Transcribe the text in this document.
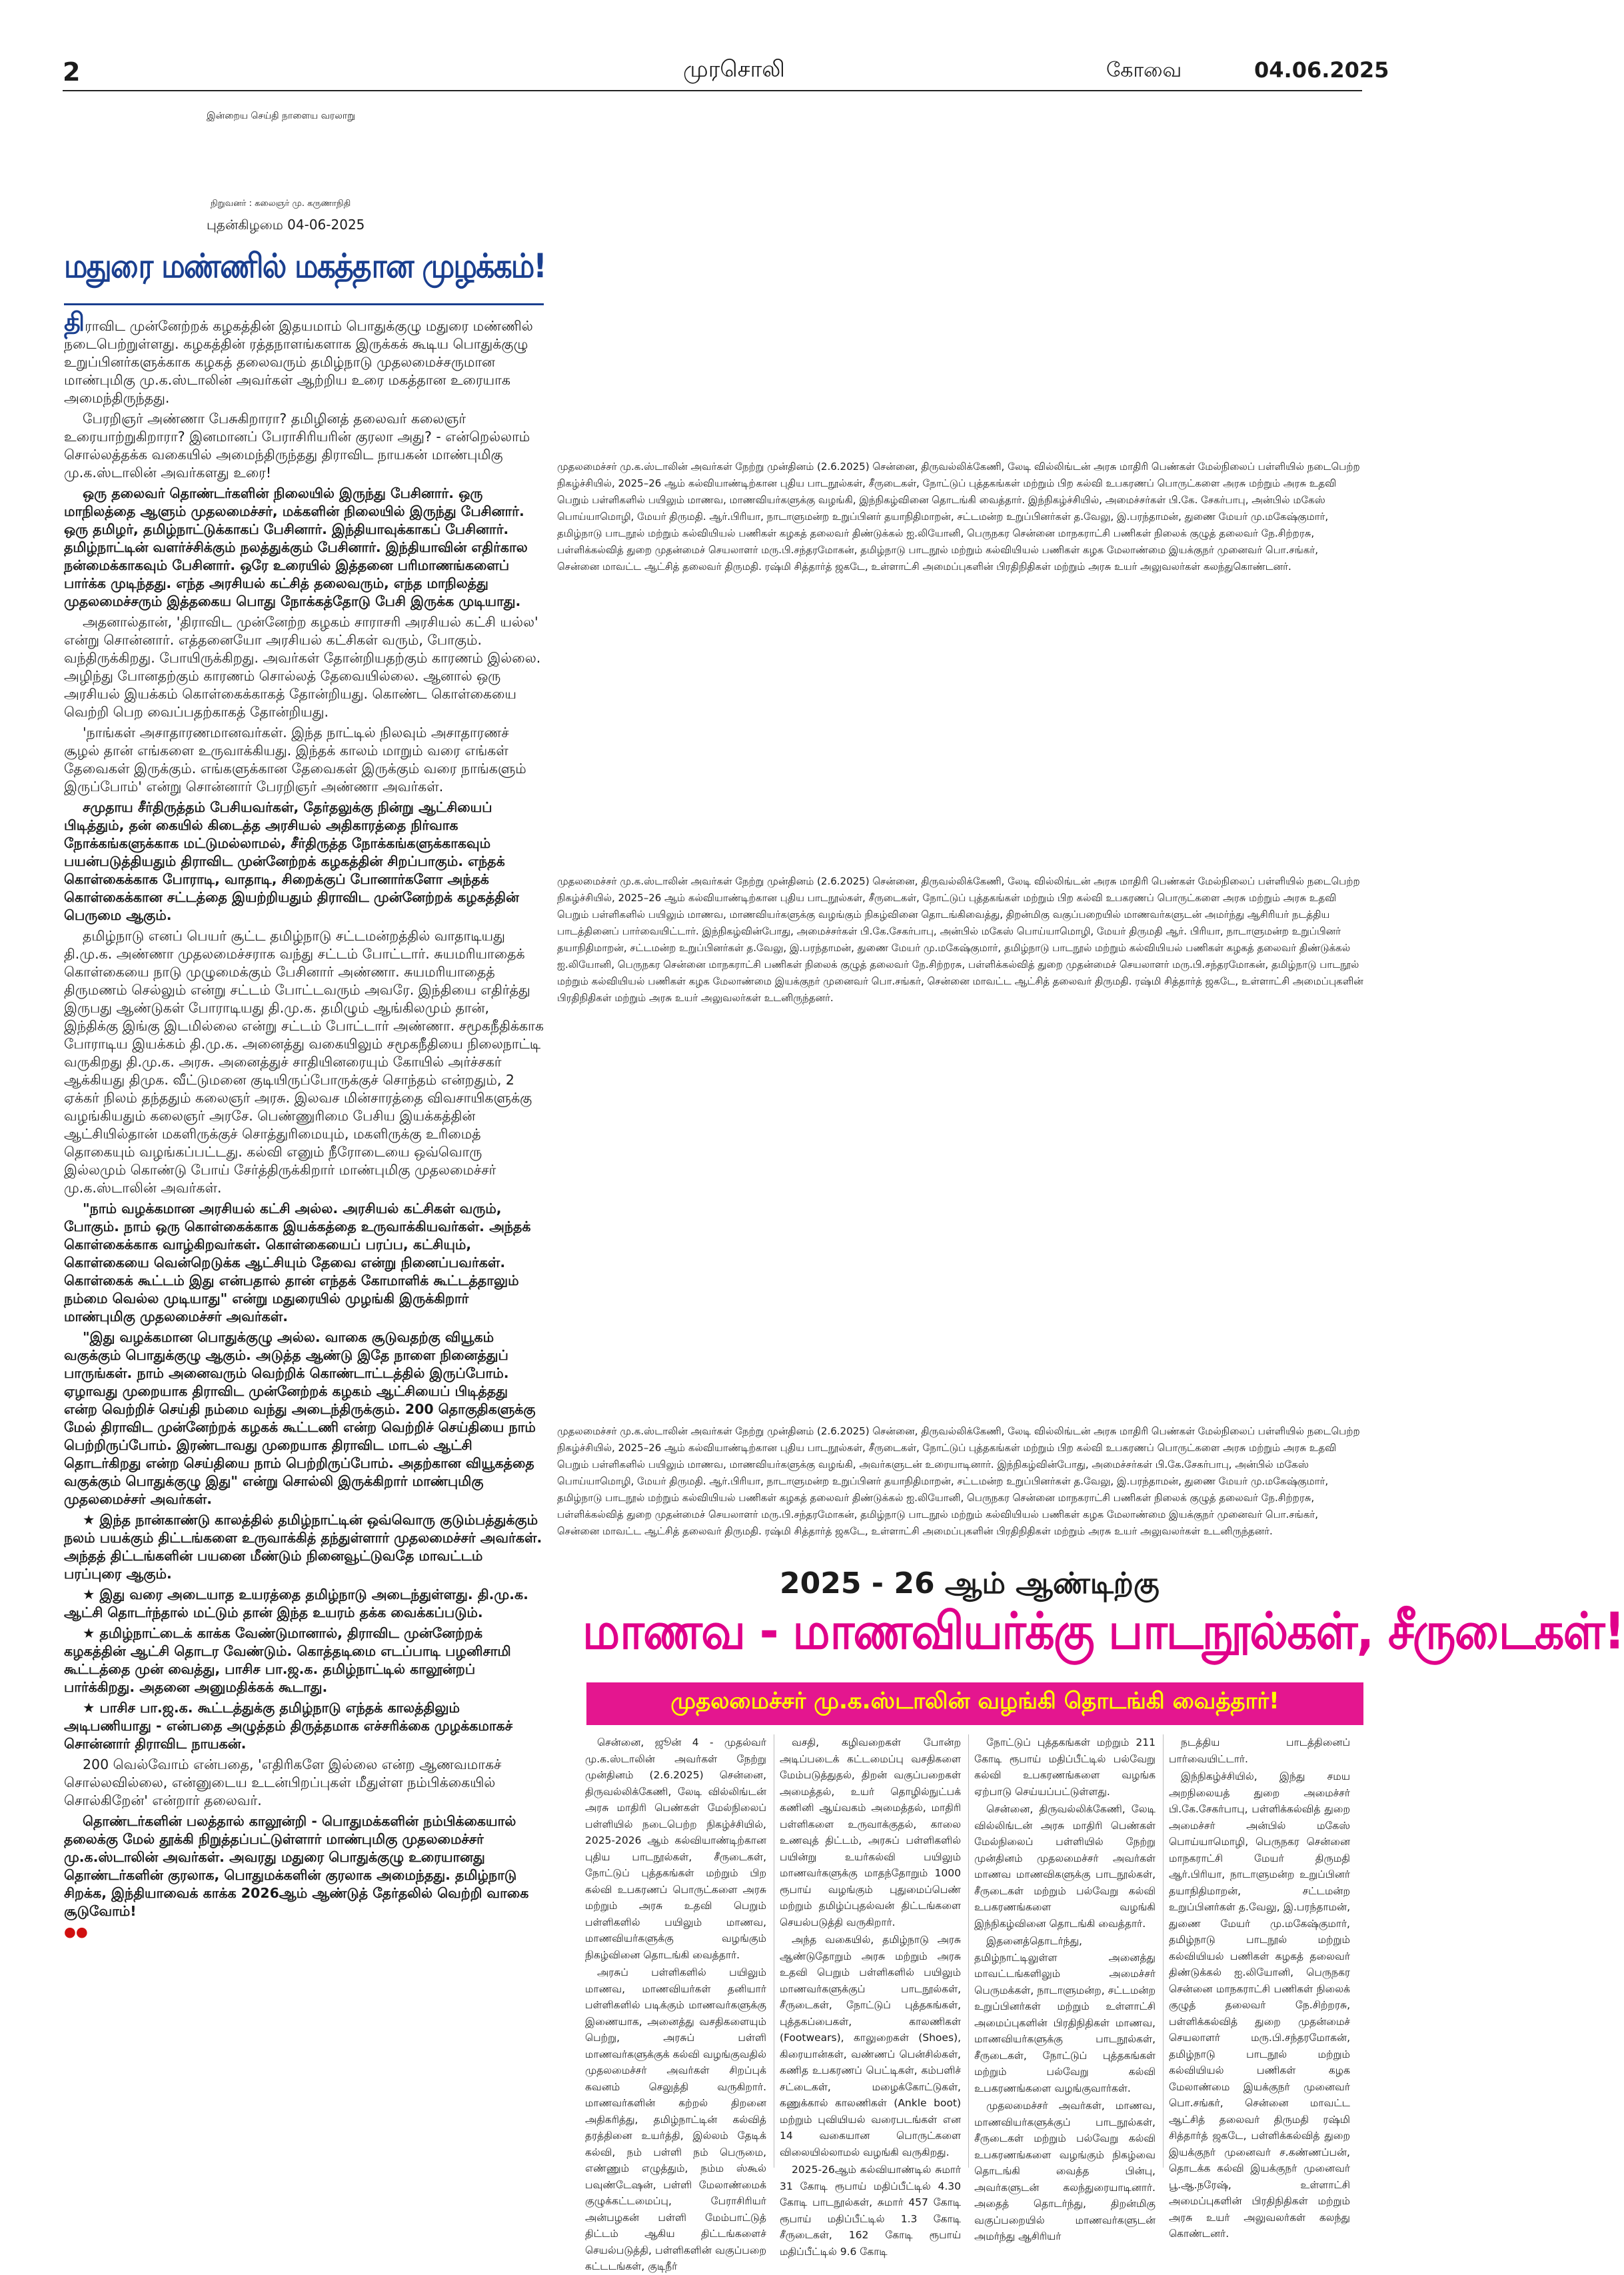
2	முரசொலி	கோவை	04.06.2025
இன்றைய செய்தி நாளைய வரலாறு
நிறுவனர் : கலைஞர் மு. கருணாநிதி
புதன்கிழமை 04-06-2025
மதுரை மண்ணில் மகத்தான முழக்கம்!

திராவிட முன்னேற்றக் கழகத்தின் இதயமாம் பொதுக்குழு மதுரை மண்ணில் நடைபெற்றுள்ளது. கழகத்தின் ரத்தநாளங்களாக இருக்கக் கூடிய பொதுக்குழு உறுப்பினர்களுக்காக கழகத் தலைவரும் தமிழ்நாடு முதலமைச்சருமான மாண்புமிகு மு.க.ஸ்டாலின் அவர்கள் ஆற்றிய உரை மகத்தான உரையாக அமைந்திருந்தது.

பேரறிஞர் அண்ணா பேசுகிறாரா? தமிழினத் தலைவர் கலைஞர் உரையாற்றுகிறாரா? இனமானப் பேராசிரியரின் குரலா அது? - என்றெல்லாம் சொல்லத்தக்க வகையில் அமைந்திருந்தது திராவிட நாயகன் மாண்புமிகு மு.க.ஸ்டாலின் அவர்களது உரை!

ஒரு தலைவர் தொண்டர்களின் நிலையில் இருந்து பேசினார். ஒரு மாநிலத்தை ஆளும் முதலமைச்சர், மக்களின் நிலையில் இருந்து பேசினார். ஒரு தமிழர், தமிழ்நாட்டுக்காகப் பேசினார். இந்தியாவுக்காகப் பேசினார். தமிழ்நாட்டின் வளர்ச்சிக்கும் நலத்துக்கும் பேசினார். இந்தியாவின் எதிர்கால நன்மைக்காகவும் பேசினார். ஒரே உரையில் இத்தனை பரிமாணங்களைப் பார்க்க முடிந்தது. எந்த அரசியல் கட்சித் தலைவரும், எந்த மாநிலத்து முதலமைச்சரும் இத்தகைய பொது நோக்கத்தோடு பேசி இருக்க முடியாது.

அதனால்தான், 'திராவிட முன்னேற்ற கழகம் சாராசரி அரசியல் கட்சி யல்ல' என்று சொன்னார். எத்தனையோ அரசியல் கட்சிகள் வரும், போகும். வந்திருக்கிறது. போயிருக்கிறது. அவர்கள் தோன்றியதற்கும் காரணம் இல்லை. அழிந்து போனதற்கும் காரணம் சொல்லத் தேவையில்லை. ஆனால் ஒரு அரசியல் இயக்கம் கொள்கைக்காகத் தோன்றியது. கொண்ட கொள்கையை வெற்றி பெற வைப்பதற்காகத் தோன்றியது.

'நாங்கள் அசாதாரணமானவர்கள். இந்த நாட்டில் நிலவும் அசாதாரணச் சூழல் தான் எங்களை உருவாக்கியது. இந்தக் காலம் மாறும் வரை எங்கள் தேவைகள் இருக்கும். எங்களுக்கான தேவைகள் இருக்கும் வரை நாங்களும் இருப்போம்' என்று சொன்னார் பேரறிஞர் அண்ணா அவர்கள்.

சமுதாய சீர்திருத்தம் பேசியவர்கள், தேர்தலுக்கு நின்று ஆட்சியைப் பிடித்தும், தன் கையில் கிடைத்த அரசியல் அதிகாரத்தை நிர்வாக நோக்கங்களுக்காக மட்டுமல்லாமல், சீர்திருத்த நோக்கங்களுக்காகவும் பயன்படுத்தியதும் திராவிட முன்னேற்றக் கழகத்தின் சிறப்பாகும். எந்தக் கொள்கைக்காக போராடி, வாதாடி, சிறைக்குப் போனார்களோ அந்தக் கொள்கைக்கான சட்டத்தை இயற்றியதும் திராவிட முன்னேற்றக் கழகத்தின் பெருமை ஆகும்.

தமிழ்நாடு எனப் பெயர் சூட்ட தமிழ்நாடு சட்டமன்றத்தில் வாதாடியது தி.மு.க. அண்ணா முதலமைச்சராக வந்து சட்டம் போட்டார். சுயமரியாதைக் கொள்கையை நாடு முழுமைக்கும் பேசினார் அண்ணா. சுயமரியாதைத் திருமணம் செல்லும் என்று சட்டம் போட்டவரும் அவரே. இந்தியை எதிர்த்து இருபது ஆண்டுகள் போராடியது தி.மு.க. தமிழும் ஆங்கிலமும் தான், இந்திக்கு இங்கு இடமில்லை என்று சட்டம் போட்டார் அண்ணா. சமூகநீதிக்காக போராடிய இயக்கம் தி.மு.க. அனைத்து வகையிலும் சமூகநீதியை நிலைநாட்டி வருகிறது தி.மு.க. அரசு. அனைத்துச் சாதியினரையும் கோயில் அர்ச்சகர் ஆக்கியது திமுக. வீட்டுமனை குடியிருப்போருக்குச் சொந்தம் என்றதும், 2 ஏக்கர் நிலம் தந்ததும் கலைஞர் அரசு. இலவச மின்சாரத்தை விவசாயிகளுக்கு வழங்கியதும் கலைஞர் அரசே. பெண்ணுரிமை பேசிய இயக்கத்தின் ஆட்சியில்தான் மகளிருக்குச் சொத்துரிமையும், மகளிருக்கு உரிமைத் தொகையும் வழங்கப்பட்டது. கல்வி எனும் நீரோடையை ஒவ்வொரு இல்லமும் கொண்டு போய் சேர்த்திருக்கிறார் மாண்புமிகு முதலமைச்சர் மு.க.ஸ்டாலின் அவர்கள்.

"நாம் வழக்கமான அரசியல் கட்சி அல்ல. அரசியல் கட்சிகள் வரும், போகும். நாம் ஒரு கொள்கைக்காக இயக்கத்தை உருவாக்கியவர்கள். அந்தக் கொள்கைக்காக வாழ்கிறவர்கள். கொள்கையைப் பரப்ப, கட்சியும், கொள்கையை வென்றெடுக்க ஆட்சியும் தேவை என்று நினைப்பவர்கள். கொள்கைக் கூட்டம் இது என்பதால் தான் எந்தக் கோமாளிக் கூட்டத்தாலும் நம்மை வெல்ல முடியாது" என்று மதுரையில் முழங்கி இருக்கிறார் மாண்புமிகு முதலமைச்சர் அவர்கள்.

"இது வழக்கமான பொதுக்குழு அல்ல. வாகை சூடுவதற்கு வியூகம் வகுக்கும் பொதுக்குழு ஆகும். அடுத்த ஆண்டு இதே நாளை நினைத்துப் பாருங்கள். நாம் அனைவரும் வெற்றிக் கொண்டாட்டத்தில் இருப்போம். ஏழாவது முறையாக திராவிட முன்னேற்றக் கழகம் ஆட்சியைப் பிடித்தது என்ற வெற்றிச் செய்தி நம்மை வந்து அடைந்திருக்கும். 200 தொகுதிகளுக்கு மேல் திராவிட முன்னேற்றக் கழகக் கூட்டணி என்ற வெற்றிச் செய்தியை நாம் பெற்றிருப்போம். இரண்டாவது முறையாக திராவிட மாடல் ஆட்சி தொடர்கிறது என்ற செய்தியை நாம் பெற்றிருப்போம். அதற்கான வியூகத்தை வகுக்கும் பொதுக்குழு இது" என்று சொல்லி இருக்கிறார் மாண்புமிகு முதலமைச்சர் அவர்கள்.

★ இந்த நான்காண்டு காலத்தில் தமிழ்நாட்டின் ஒவ்வொரு குடும்பத்துக்கும் நலம் பயக்கும் திட்டங்களை உருவாக்கித் தந்துள்ளார் முதலமைச்சர் அவர்கள். அந்தத் திட்டங்களின் பயனை மீண்டும் நினைவூட்டுவதே மாவட்டம் பரப்புரை ஆகும்.

★ இது வரை அடையாத உயரத்தை தமிழ்நாடு அடைந்துள்ளது. தி.மு.க. ஆட்சி தொடர்ந்தால் மட்டும் தான் இந்த உயரம் தக்க வைக்கப்படும்.

★ தமிழ்நாட்டைக் காக்க வேண்டுமானால், திராவிட முன்னேற்றக் கழகத்தின் ஆட்சி தொடர வேண்டும். கொத்தடிமை எடப்பாடி பழனிசாமி கூட்டத்தை முன் வைத்து, பாசிச பா.ஜ.க. தமிழ்நாட்டில் காலூன்றப் பார்க்கிறது. அதனை அனுமதிக்கக் கூடாது.

★ பாசிச பா.ஜ.க. கூட்டத்துக்கு தமிழ்நாடு எந்தக் காலத்திலும் அடிபணியாது - என்பதை அழுத்தம் திருத்தமாக எச்சரிக்கை முழக்கமாகச் சொன்னார் திராவிட நாயகன்.

200 வெல்வோம் என்பதை, 'எதிரிகளே இல்லை என்ற ஆணவமாகச் சொல்லவில்லை, என்னுடைய உடன்பிறப்புகள் மீதுள்ள நம்பிக்கையில் சொல்கிறேன்' என்றார் தலைவர்.

தொண்டர்களின் பலத்தால் காலூன்றி - பொதுமக்களின் நம்பிக்கையால் தலைக்கு மேல் தூக்கி நிறுத்தப்பட்டுள்ளார் மாண்புமிகு முதலமைச்சர் மு.க.ஸ்டாலின் அவர்கள். அவரது மதுரை பொதுக்குழு உரையானது தொண்டர்களின் குரலாக, பொதுமக்களின் குரலாக அமைந்தது. தமிழ்நாடு சிறக்க, இந்தியாவைக் காக்க 2026ஆம் ஆண்டுத் தேர்தலில் வெற்றி வாகை சூடுவோம்!

●●

முதலமைச்சர் மு.க.ஸ்டாலின் அவர்கள் நேற்று முன்தினம் (2.6.2025) சென்னை, திருவல்லிக்கேணி, லேடி வில்லிங்டன் அரசு மாதிரி பெண்கள் மேல்நிலைப் பள்ளியில் நடைபெற்ற நிகழ்ச்சியில், 2025–26 ஆம் கல்வியாண்டிற்கான புதிய பாடநூல்கள், சீருடைகள், நோட்டுப் புத்தகங்கள் மற்றும் பிற கல்வி உபகரணப் பொருட்களை அரசு மற்றும் அரசு உதவி பெறும் பள்ளிகளில் பயிலும் மாணவ, மாணவியர்களுக்கு வழங்கி, இந்நிகழ்வினை தொடங்கி வைத்தார். இந்நிகழ்ச்சியில், அமைச்சர்கள் பி.கே. சேகர்பாபு, அன்பில் மகேஸ் பொய்யாமொழி, மேயர் திருமதி. ஆர்.பிரியா, நாடாளுமன்ற உறுப்பினர் தயாநிதிமாறன், சட்டமன்ற உறுப்பினர்கள் த.வேலு, இ.பரந்தாமன், துணை மேயர் மு.மகேஷ்குமார், தமிழ்நாடு பாடநூல் மற்றும் கல்வியியல் பணிகள் கழகத் தலைவர் திண்டுக்கல் ஐ.லியோனி, பெருநகர சென்னை மாநகராட்சி பணிகள் நிலைக் குழுத் தலைவர் நே.சிற்றரசு, பள்ளிக்கல்வித் துறை முதன்மைச் செயலாளர் மரு.பி.சந்தரமோகன், தமிழ்நாடு பாடநூல் மற்றும் கல்வியியல் பணிகள் கழக மேலாண்மை இயக்குநர் முனைவர் பொ.சங்கர், சென்னை மாவட்ட ஆட்சித் தலைவர் திருமதி. ரஷ்மி சித்தார்த் ஜகடே, உள்ளாட்சி அமைப்புகளின் பிரதிநிதிகள் மற்றும் அரசு உயர் அலுவலர்கள் கலந்துகொண்டனர்.
முதலமைச்சர் மு.க.ஸ்டாலின் அவர்கள் நேற்று முன்தினம் (2.6.2025) சென்னை, திருவல்லிக்கேணி, லேடி வில்லிங்டன் அரசு மாதிரி பெண்கள் மேல்நிலைப் பள்ளியில் நடைபெற்ற நிகழ்ச்சியில், 2025–26 ஆம் கல்வியாண்டிற்கான புதிய பாடநூல்கள், சீருடைகள், நோட்டுப் புத்தகங்கள் மற்றும் பிற கல்வி உபகரணப் பொருட்களை அரசு மற்றும் அரசு உதவி பெறும் பள்ளிகளில் பயிலும் மாணவ, மாணவியர்களுக்கு வழங்கும் நிகழ்வினை தொடங்கிவைத்து, திறன்மிகு வகுப்பறையில் மாணவர்களுடன் அமர்ந்து ஆசிரியர் நடத்திய பாடத்தினைப் பார்வையிட்டார். இந்நிகழ்வின்போது, அமைச்சர்கள் பி.கே.சேகர்பாபு, அன்பில் மகேஸ் பொய்யாமொழி, மேயர் திருமதி ஆர். பிரியா, நாடாளுமன்ற உறுப்பினர் தயாநிதிமாறன், சட்டமன்ற உறுப்பினர்கள் த.வேலு, இ.பரந்தாமன், துணை மேயர் மு.மகேஷ்குமார், தமிழ்நாடு பாடநூல் மற்றும் கல்வியியல் பணிகள் கழகத் தலைவர் திண்டுக்கல் ஐ.லியோனி, பெருநகர சென்னை மாநகராட்சி பணிகள் நிலைக் குழுத் தலைவர் நே.சிற்றரசு, பள்ளிக்கல்வித் துறை முதன்மைச் செயலாளர் மரு.பி.சந்தரமோகன், தமிழ்நாடு பாடநூல் மற்றும் கல்வியியல் பணிகள் கழக மேலாண்மை இயக்குநர் முனைவர் பொ.சங்கர், சென்னை மாவட்ட ஆட்சித் தலைவர் திருமதி. ரஷ்மி சித்தார்த் ஜகடே, உள்ளாட்சி அமைப்புகளின் பிரதிநிதிகள் மற்றும் அரசு உயர் அலுவலர்கள் உடனிருந்தனர்.
முதலமைச்சர் மு.க.ஸ்டாலின் அவர்கள் நேற்று முன்தினம் (2.6.2025) சென்னை, திருவல்லிக்கேணி, லேடி வில்லிங்டன் அரசு மாதிரி பெண்கள் மேல்நிலைப் பள்ளியில் நடைபெற்ற நிகழ்ச்சியில், 2025–26 ஆம் கல்வியாண்டிற்கான புதிய பாடநூல்கள், சீருடைகள், நோட்டுப் புத்தகங்கள் மற்றும் பிற கல்வி உபகரணப் பொருட்களை அரசு மற்றும் அரசு உதவி பெறும் பள்ளிகளில் பயிலும் மாணவ, மாணவியர்களுக்கு வழங்கி, அவர்களுடன் உரையாடினார். இந்நிகழ்வின்போது, அமைச்சர்கள் பி.கே.சேகர்பாபு, அன்பில் மகேஸ் பொய்யாமொழி, மேயர் திருமதி. ஆர்.பிரியா, நாடாளுமன்ற உறுப்பினர் தயாநிதிமாறன், சட்டமன்ற உறுப்பினர்கள் த.வேலு, இ.பரந்தாமன், துணை மேயர் மு.மகேஷ்குமார், தமிழ்நாடு பாடநூல் மற்றும் கல்வியியல் பணிகள் கழகத் தலைவர் திண்டுக்கல் ஐ.லியோனி, பெருநகர சென்னை மாநகராட்சி பணிகள் நிலைக் குழுத் தலைவர் நே.சிற்றரசு, பள்ளிக்கல்வித் துறை முதன்மைச் செயலாளர் மரு.பி.சந்தரமோகன், தமிழ்நாடு பாடநூல் மற்றும் கல்வியியல் பணிகள் கழக மேலாண்மை இயக்குநர் முனைவர் பொ.சங்கர், சென்னை மாவட்ட ஆட்சித் தலைவர் திருமதி. ரஷ்மி சித்தார்த் ஜகடே, உள்ளாட்சி அமைப்புகளின் பிரதிநிதிகள் மற்றும் அரசு உயர் அலுவலர்கள் உடனிருந்தனர்.
2025 - 26 ஆம் ஆண்டிற்கு
மாணவ - மாணவியர்க்கு பாடநூல்கள், சீருடைகள்!
முதலமைச்சர் மு.க.ஸ்டாலின் வழங்கி தொடங்கி வைத்தார்!

சென்னை, ஜூன் 4 - முதல்வர் மு.க.ஸ்டாலின் அவர்கள் நேற்று முன்தினம் (2.6.2025) சென்னை, திருவல்லிக்கேணி, லேடி வில்லிங்டன் அரசு மாதிரி பெண்கள் மேல்நிலைப் பள்ளியில் நடைபெற்ற நிகழ்ச்சியில், 2025-2026 ஆம் கல்வியாண்டிற்கான புதிய பாடநூல்கள், சீருடைகள், நோட்டுப் புத்தகங்கள் மற்றும் பிற கல்வி உபகரணப் பொருட்களை அரசு மற்றும் அரசு உதவி பெறும் பள்ளிகளில் பயிலும் மாணவ, மாணவியர்களுக்கு வழங்கும் நிகழ்வினை தொடங்கி வைத்தார்.

அரசுப் பள்ளிகளில் பயிலும் மாணவ, மாணவியர்கள் தனியார் பள்ளிகளில் படிக்கும் மாணவர்களுக்கு இணையாக, அனைத்து வசதிகளையும் பெற்று, அரசுப் பள்ளி மாணவர்களுக்குக் கல்வி வழங்குவதில் முதலமைச்சர் அவர்கள் சிறப்புக் கவனம் செலுத்தி வருகிறார். மாணவர்களின் கற்றல் திறனை அதிகரித்து, தமிழ்நாட்டின் கல்வித் தரத்தினை உயர்த்தி, இல்லம் தேடிக் கல்வி, நம் பள்ளி நம் பெருமை, எண்ணும் எழுத்தும், நம்ம ஸ்கூல் பவுண்டேஷன், பள்ளி மேலாண்மைக் குழுக்கட்டமைப்பு, பேராசிரியர் அன்பழகன் பள்ளி மேம்பாட்டுத் திட்டம் ஆகிய திட்டங்களைச் செயல்படுத்தி, பள்ளிகளின் வகுப்பறை கட்டடங்கள், குடிநீர்

வசதி, கழிவறைகள் போன்ற அடிப்படைக் கட்டமைப்பு வசதிகளை மேம்படுத்துதல், திறன் வகுப்பறைகள் அமைத்தல், உயர் தொழில்நுட்பக் கணினி ஆய்வகம் அமைத்தல், மாதிரி பள்ளிகளை உருவாக்குதல், காலை உணவுத் திட்டம், அரசுப் பள்ளிகளில் பயின்று உயர்கல்வி பயிலும் மாணவர்களுக்கு மாதந்தோறும் 1000 ரூபாய் வழங்கும் புதுமைப்பெண் மற்றும் தமிழ்ப்புதல்வன் திட்டங்களை செயல்படுத்தி வருகிறார்.

அந்த வகையில், தமிழ்நாடு அரசு ஆண்டுதோறும் அரசு மற்றும் அரசு உதவி பெறும் பள்ளிகளில் பயிலும் மாணவர்களுக்குப் பாடநூல்கள், சீருடைகள், நோட்டுப் புத்தகங்கள், புத்தகப்பைகள், காலணிகள் (Footwears), காலுறைகள் (Shoes), கிரையான்கள், வண்ணப் பென்சில்கள், கணித உபகரணப் பெட்டிகள், கம்பளிச் சட்டைகள், மழைக்கோட்டுகள், கணுக்கால் காலணிகள் (Ankle boot) மற்றும் புவியியல் வரைபடங்கள் என 14 வகையான பொருட்களை விலையில்லாமல் வழங்கி வருகிறது.

2025-26ஆம் கல்வியாண்டில் சுமார் 31 கோடி ரூபாய் மதிப்பீட்டில் 4.30 கோடி பாடநூல்கள், சுமார் 457 கோடி ரூபாய் மதிப்பீட்டில் 1.3 கோடி சீருடைகள், 162 கோடி ரூபாய் மதிப்பீட்டில் 9.6 கோடி

நோட்டுப் புத்தகங்கள் மற்றும் 211 கோடி ரூபாய் மதிப்பீட்டில் பல்வேறு கல்வி உபகரணங்களை வழங்க ஏற்பாடு செய்யப்பட்டுள்ளது.

சென்னை, திருவல்லிக்கேணி, லேடி வில்லிங்டன் அரசு மாதிரி பெண்கள் மேல்நிலைப் பள்ளியில் நேற்று முன்தினம் முதலமைச்சர் அவர்கள் மாணவ மாணவிகளுக்கு பாடநூல்கள், சீருடைகள் மற்றும் பல்வேறு கல்வி உபகரணங்களை வழங்கி இந்நிகழ்வினை தொடங்கி வைத்தார்.

இதனைத்தொடர்ந்து, தமிழ்நாட்டிலுள்ள அனைத்து மாவட்டங்களிலும் அமைச்சர் பெருமக்கள், நாடாளுமன்ற, சட்டமன்ற உறுப்பினர்கள் மற்றும் உள்ளாட்சி அமைப்புகளின் பிரதிநிதிகள் மாணவ, மாணவியர்களுக்கு பாடநூல்கள், சீருடைகள், நோட்டுப் புத்தகங்கள் மற்றும் பல்வேறு கல்வி உபகரணங்களை வழங்குவார்கள்.

முதலமைச்சர் அவர்கள், மாணவ, மாணவியர்களுக்குப் பாடநூல்கள், சீருடைகள் மற்றும் பல்வேறு கல்வி உபகரணங்களை வழங்கும் நிகழ்வை தொடங்கி வைத்த பின்பு, அவர்களுடன் கலந்துரையாடினார். அதைத் தொடர்ந்து, திறன்மிகு வகுப்பறையில் மாணவர்களுடன் அமர்ந்து ஆசிரியர்

நடத்திய பாடத்தினைப் பார்வையிட்டார்.

இந்நிகழ்ச்சியில், இந்து சமய அறநிலையத் துறை அமைச்சர் பி.கே.சேகர்பாபு, பள்ளிக்கல்வித் துறை அமைச்சர் அன்பில் மகேஸ் பொய்யாமொழி, பெருநகர சென்னை மாநகராட்சி மேயர் திருமதி ஆர்.பிரியா, நாடாளுமன்ற உறுப்பினர் தயாநிதிமாறன், சட்டமன்ற உறுப்பினர்கள் த.வேலு, இ.பரந்தாமன், துணை மேயர் மு.மகேஷ்குமார், தமிழ்நாடு பாடநூல் மற்றும் கல்வியியல் பணிகள் கழகத் தலைவர் திண்டுக்கல் ஐ.லியோனி, பெருநகர சென்னை மாநகராட்சி பணிகள் நிலைக் குழுத் தலைவர் நே.சிற்றரசு, பள்ளிக்கல்வித் துறை முதன்மைச் செயலாளர் மரு.பி.சந்தரமோகன், தமிழ்நாடு பாடநூல் மற்றும் கல்வியியல் பணிகள் கழக மேலாண்மை இயக்குநர் முனைவர் பொ.சங்கர், சென்னை மாவட்ட ஆட்சித் தலைவர் திருமதி ரஷ்மி சித்தார்த் ஜகடே, பள்ளிக்கல்வித் துறை இயக்குநர் முனைவர் ச.கண்ணப்பன், தொடக்க கல்வி இயக்குநர் முனைவர் பூ.ஆ.நரேஷ், உள்ளாட்சி அமைப்புகளின் பிரதிநிதிகள் மற்றும் அரசு உயர் அலுவலர்கள் கலந்து கொண்டனர்.
